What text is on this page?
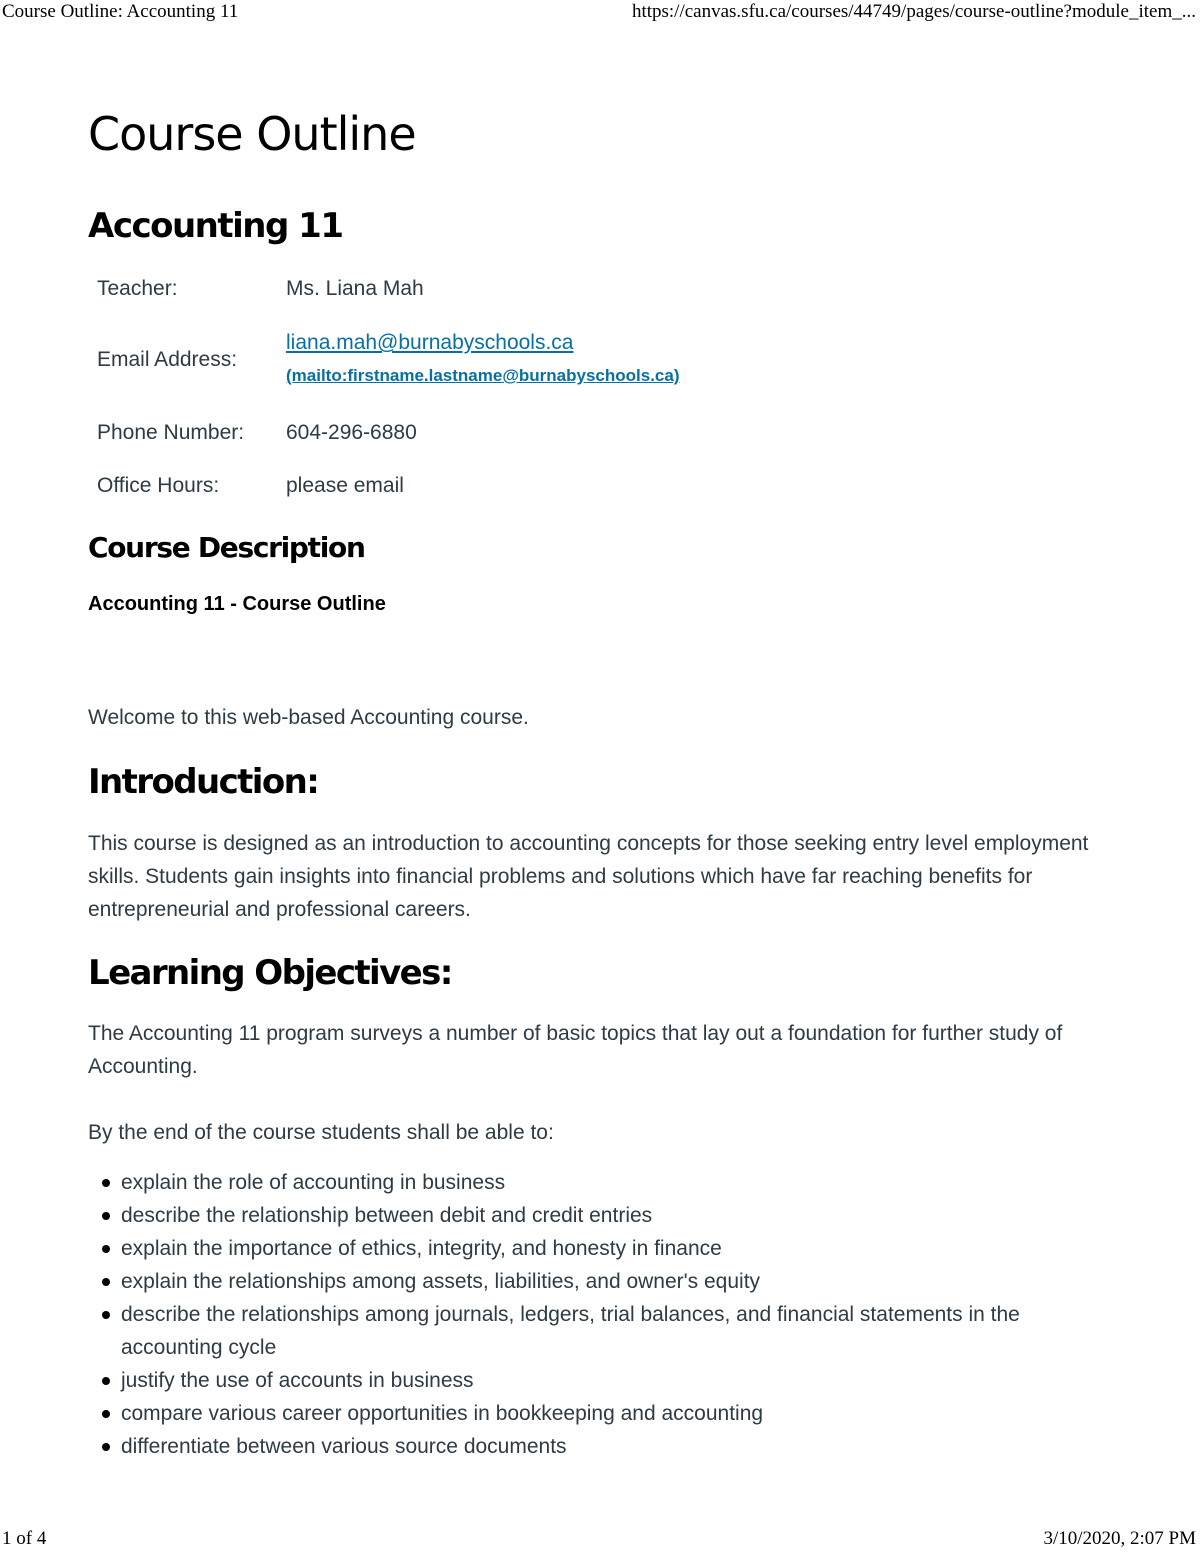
Course Outline: Accounting 11	https://canvas.sfu.ca/courses/44749/pages/course-outline?module_item_...
Course Outline
Accounting 11
Teacher:	Ms. Liana Mah
Email Address:	liana.mah@burnabyschools.ca
(mailto:firstname.lastname@burnabyschools.ca)

Phone Number:	604-296-6880
Office Hours:	please email
Course Description

Accounting 11 - Course Outline

Welcome to this web-based Accounting course.

Introduction:

This course is designed as an introduction to accounting concepts for those seeking entry level employment skills. Students gain insights into financial problems and solutions which have far reaching benefits for entrepreneurial and professional careers.

Learning Objectives:

The Accounting 11 program surveys a number of basic topics that lay out a foundation for further study of Accounting.

By the end of the course students shall be able to:

explain the role of accounting in business
describe the relationship between debit and credit entries
explain the importance of ethics, integrity, and honesty in finance
explain the relationships among assets, liabilities, and owner's equity
describe the relationships among journals, ledgers, trial balances, and financial statements in the accounting cycle
justify the use of accounts in business
compare various career opportunities in bookkeeping and accounting
differentiate between various source documents
1 of 4	3/10/2020, 2:07 PM
